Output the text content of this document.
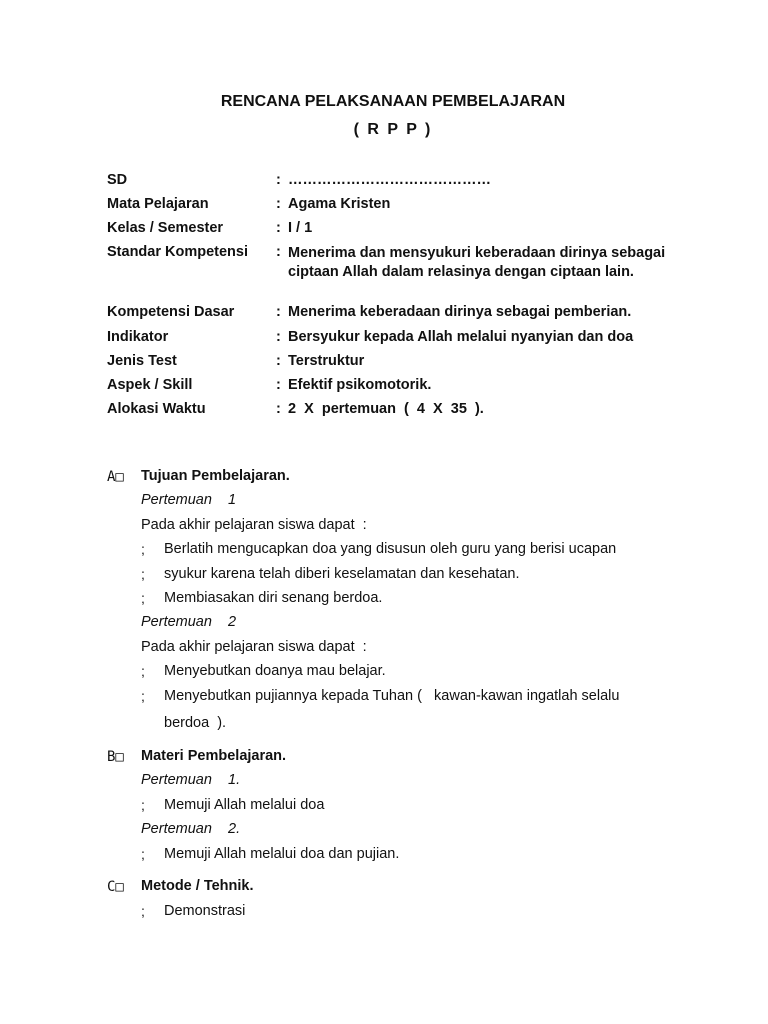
RENCANA PELAKSANAAN PEMBELAJARAN
( R P P )
SD	: ……………………………………
Mata Pelajaran	: Agama Kristen
Kelas / Semester	: I / 1
Standar Kompetensi : Menerima dan mensyukuri keberadaan dirinya sebagai ciptaan Allah dalam relasinya dengan ciptaan lain.
Kompetensi Dasar	: Menerima keberadaan dirinya sebagai pemberian.
Indikator	: Bersyukur kepada Allah melalui nyanyian dan doa
Jenis Test	: Terstruktur
Aspek / Skill	: Efektif psikomotorik.
Alokasi Waktu	: 2  X  pertemuan  (  4  X  35  ).
A□ Tujuan Pembelajaran.
Pertemuan    1
Pada akhir pelajaran siswa dapat  :
; Berlatih mengucapkan doa yang disusun oleh guru yang berisi ucapan
; syukur karena telah diberi keselamatan dan kesehatan.
; Membiasakan diri senang berdoa.
Pertemuan    2
Pada akhir pelajaran siswa dapat  :
; Menyebutkan doanya mau belajar.
; Menyebutkan pujiannya kepada Tuhan (   kawan-kawan ingatlah selalu
berdoa  ).
B□ Materi Pembelajaran.
Pertemuan    1.
; Memuji Allah melalui doa
Pertemuan    2.
; Memuji Allah melalui doa dan pujian.
C□ Metode / Tehnik.
; Demonstrasi
